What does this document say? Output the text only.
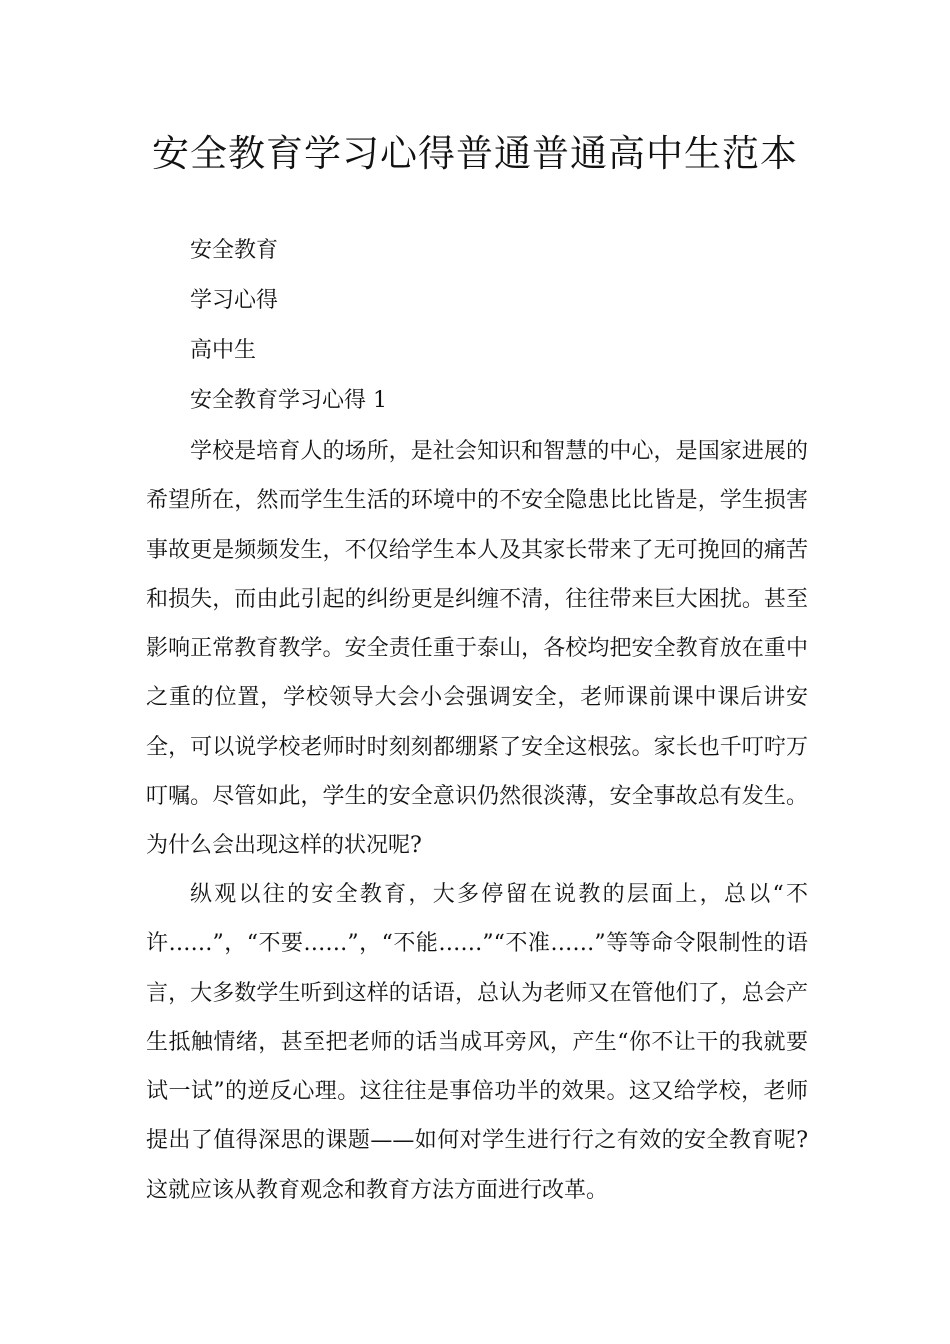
安全教育学习心得普通普通高中生范本

安全教育

学习心得

高中生

安全教育学习心得 1

学校是培育人的场所，是社会知识和智慧的中心，是国家进展的希望所在，然而学生生活的环境中的不安全隐患比比皆是，学生损害事故更是频频发生，不仅给学生本人及其家长带来了无可挽回的痛苦和损失，而由此引起的纠纷更是纠缠不清，往往带来巨大困扰。甚至影响正常教育教学。安全责任重于泰山，各校均把安全教育放在重中之重的位置，学校领导大会小会强调安全，老师课前课中课后讲安全，可以说学校老师时时刻刻都绷紧了安全这根弦。家长也千叮咛万叮嘱。尽管如此，学生的安全意识仍然很淡薄，安全事故总有发生。为什么会出现这样的状况呢?

纵观以往的安全教育，大多停留在说教的层面上，总以“不许……”，“不要……”，“不能……”“不准……”等等命令限制性的语言，大多数学生听到这样的话语，总认为老师又在管他们了，总会产生抵触情绪，甚至把老师的话当成耳旁风，产生“你不让干的我就要试一试”的逆反心理。这往往是事倍功半的效果。这又给学校，老师提出了值得深思的课题——如何对学生进行行之有效的安全教育呢?这就应该从教育观念和教育方法方面进行改革。
